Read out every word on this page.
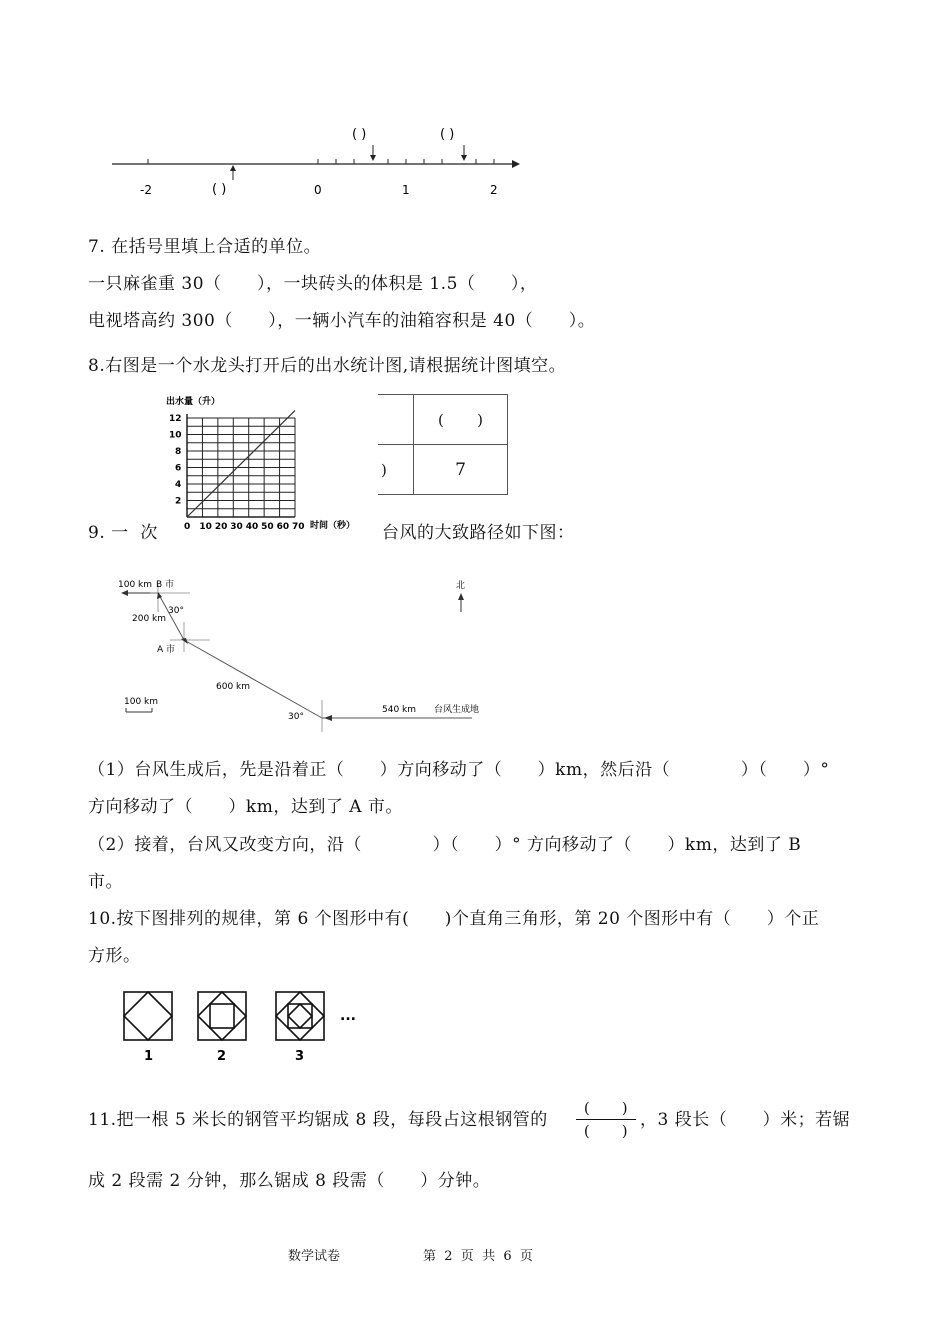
-2	0	1	2
( )
( )	( )
7. 在括号里填上合适的单位。
一只麻雀重 30（      ），一块砖头的体积是 1.5（      ），
电视塔高约 300（      ），一辆小汽车的油箱容积是 40（      ）。
8.右图是一个水龙头打开后的出水统计图,请根据统计图填空。
出水量（升）
时间（秒）
0 10 20 30 40 50 60 70
2
4
6
8
10
12	(       )
)	7
9. 一  次	台风的大致路径如下图：
北
100 km B 市
30°
200 km
A 市
600 km
30°
540 km 台风生成地
100 km
（1）台风生成后，先是沿着正（      ）方向移动了（      ）km，然后沿（            ）（      ）°
方向移动了（      ）km，达到了 A 市。
（2）接着，台风又改变方向，沿（            ）（      ）° 方向移动了（      ）km，达到了 B
市。
10.按下图排列的规律，第 6 个图形中有(      )个直角三角形，第 20 个图形中有（      ）个正
方形。
1	2	3
...
11.把一根 5 米长的钢管平均锯成 8 段，每段占这根钢管的
(      )
(      )
，3 段长（      ）米；若锯
成 2 段需 2 分钟，那么锯成 8 段需（      ）分钟。
数学试卷	第  2  页  共  6  页
